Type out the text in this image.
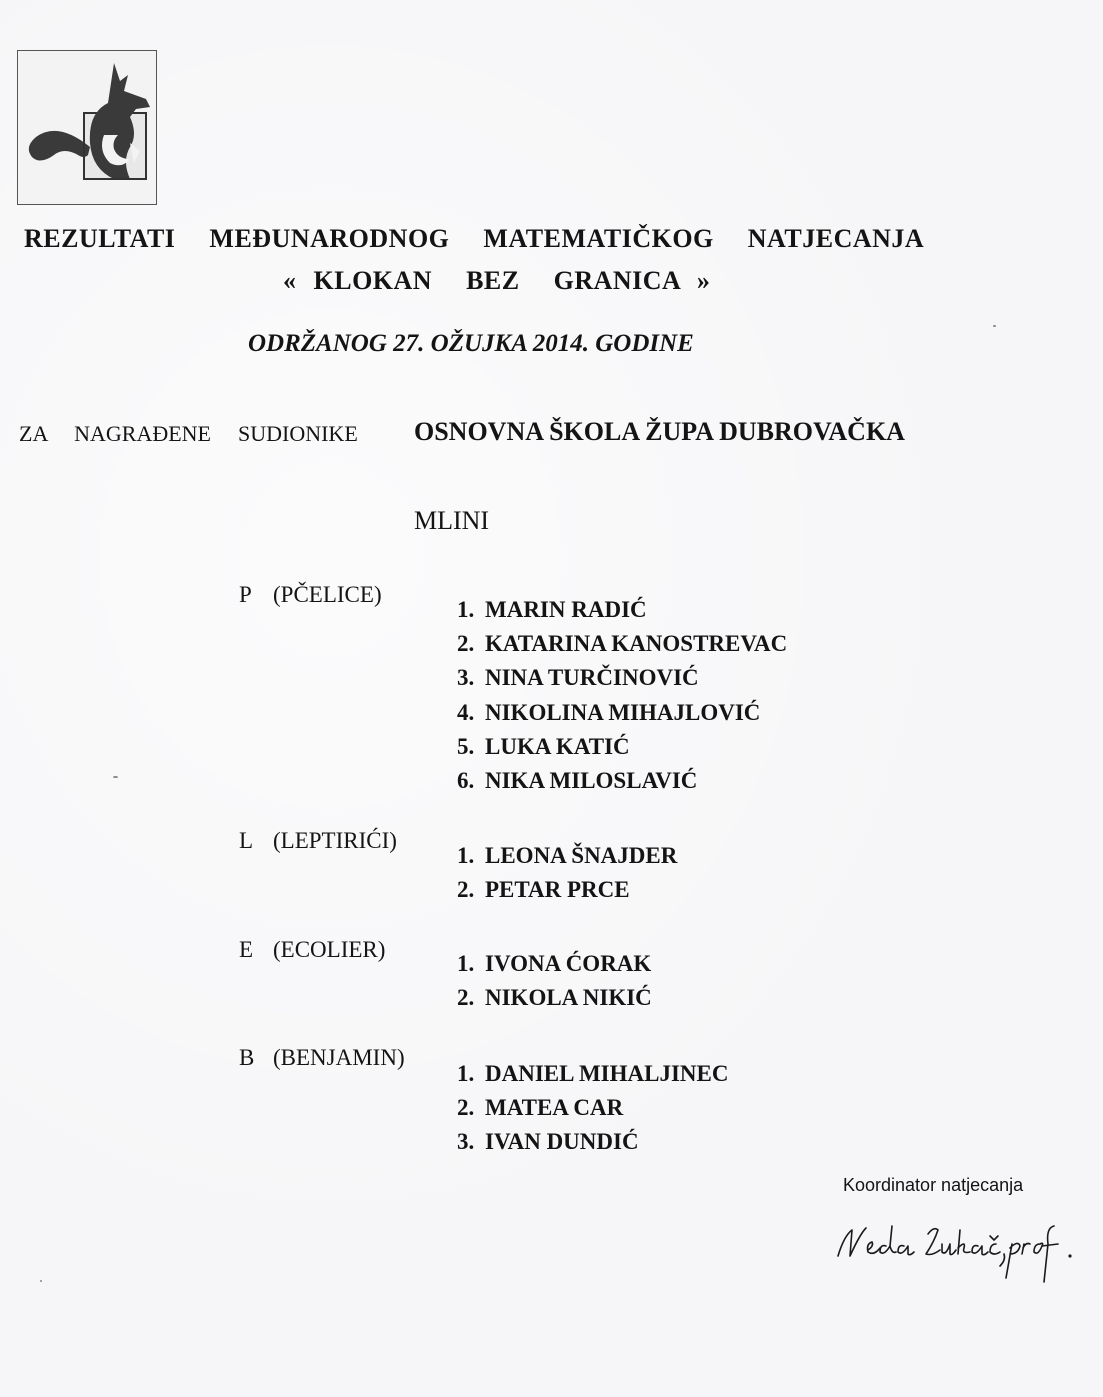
REZULTATI  MEĐUNARODNOG  MATEMATIČKOG  NATJECANJA
« KLOKAN  BEZ  GRANICA »
ODRŽANOG 27. OŽUJKA 2014. GODINE
ZA  NAGRAĐENE  SUDIONIKE OSNOVNA ŠKOLA ŽUPA DUBROVAČKA
MLINI

P (PČELICE)

1. MARIN RADIĆ
2. KATARINA KANOSTREVAC
3. NINA TURČINOVIĆ
4. NIKOLINA MIHAJLOVIĆ
5. LUKA KATIĆ
6. NIKA MILOSLAVIĆ

L (LEPTIRIĆI)

1. LEONA ŠNAJDER
2. PETAR PRCE

E (ECOLIER)

1. IVONA ĆORAK
2. NIKOLA NIKIĆ

B (BENJAMIN)

1. DANIEL MIHALJINEC
2. MATEA CAR
3. IVAN DUNDIĆ
Koordinator natjecanja
